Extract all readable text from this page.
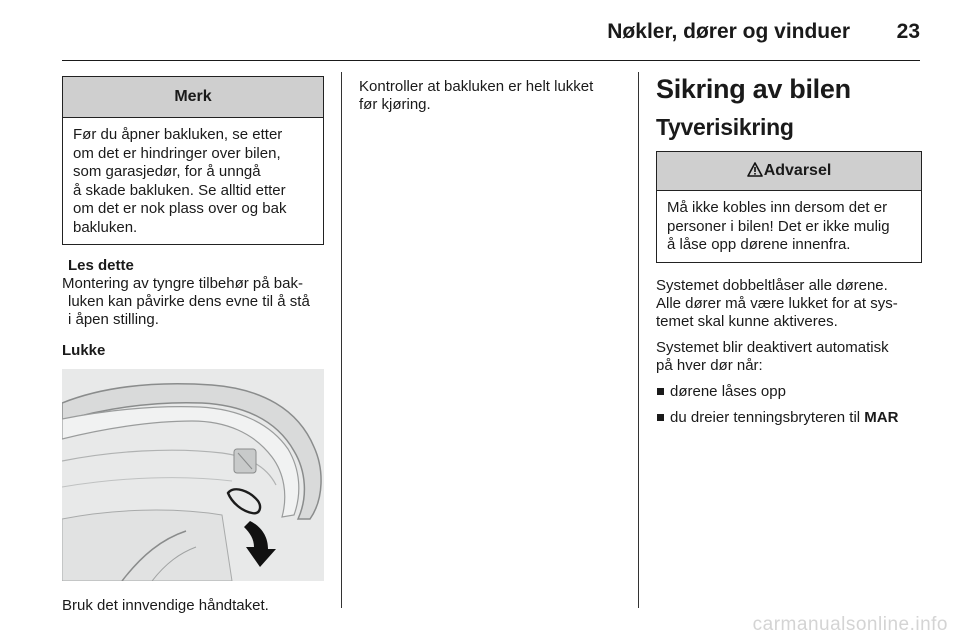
Nøkler, dører og vinduer 23
Merk
Før du åpner bakluken, se etter
om det er hindringer over bilen,
som garasjedør, for å unngå
å skade bakluken. Se alltid etter
om det er nok plass over og bak
bakluken.

Les dette

Montering av tyngre tilbehør på bak-

luken kan påvirke dens evne til å stå

i åpen stilling.

Lukke

Bruk det innvendige håndtaket.

Kontroller at bakluken er helt lukket

før kjøring.

Sikring av bilen
Tyverisikring
Advarsel
Må ikke kobles inn dersom det er
personer i bilen! Det er ikke mulig
å låse opp dørene innenfra.

Systemet dobbeltlåser alle dørene.

Alle dører må være lukket for at sys-

temet skal kunne aktiveres.

Systemet blir deaktivert automatisk

på hver dør når:

dørene låses opp
du dreier tenningsbryteren til MAR
carmanualsonline.info
